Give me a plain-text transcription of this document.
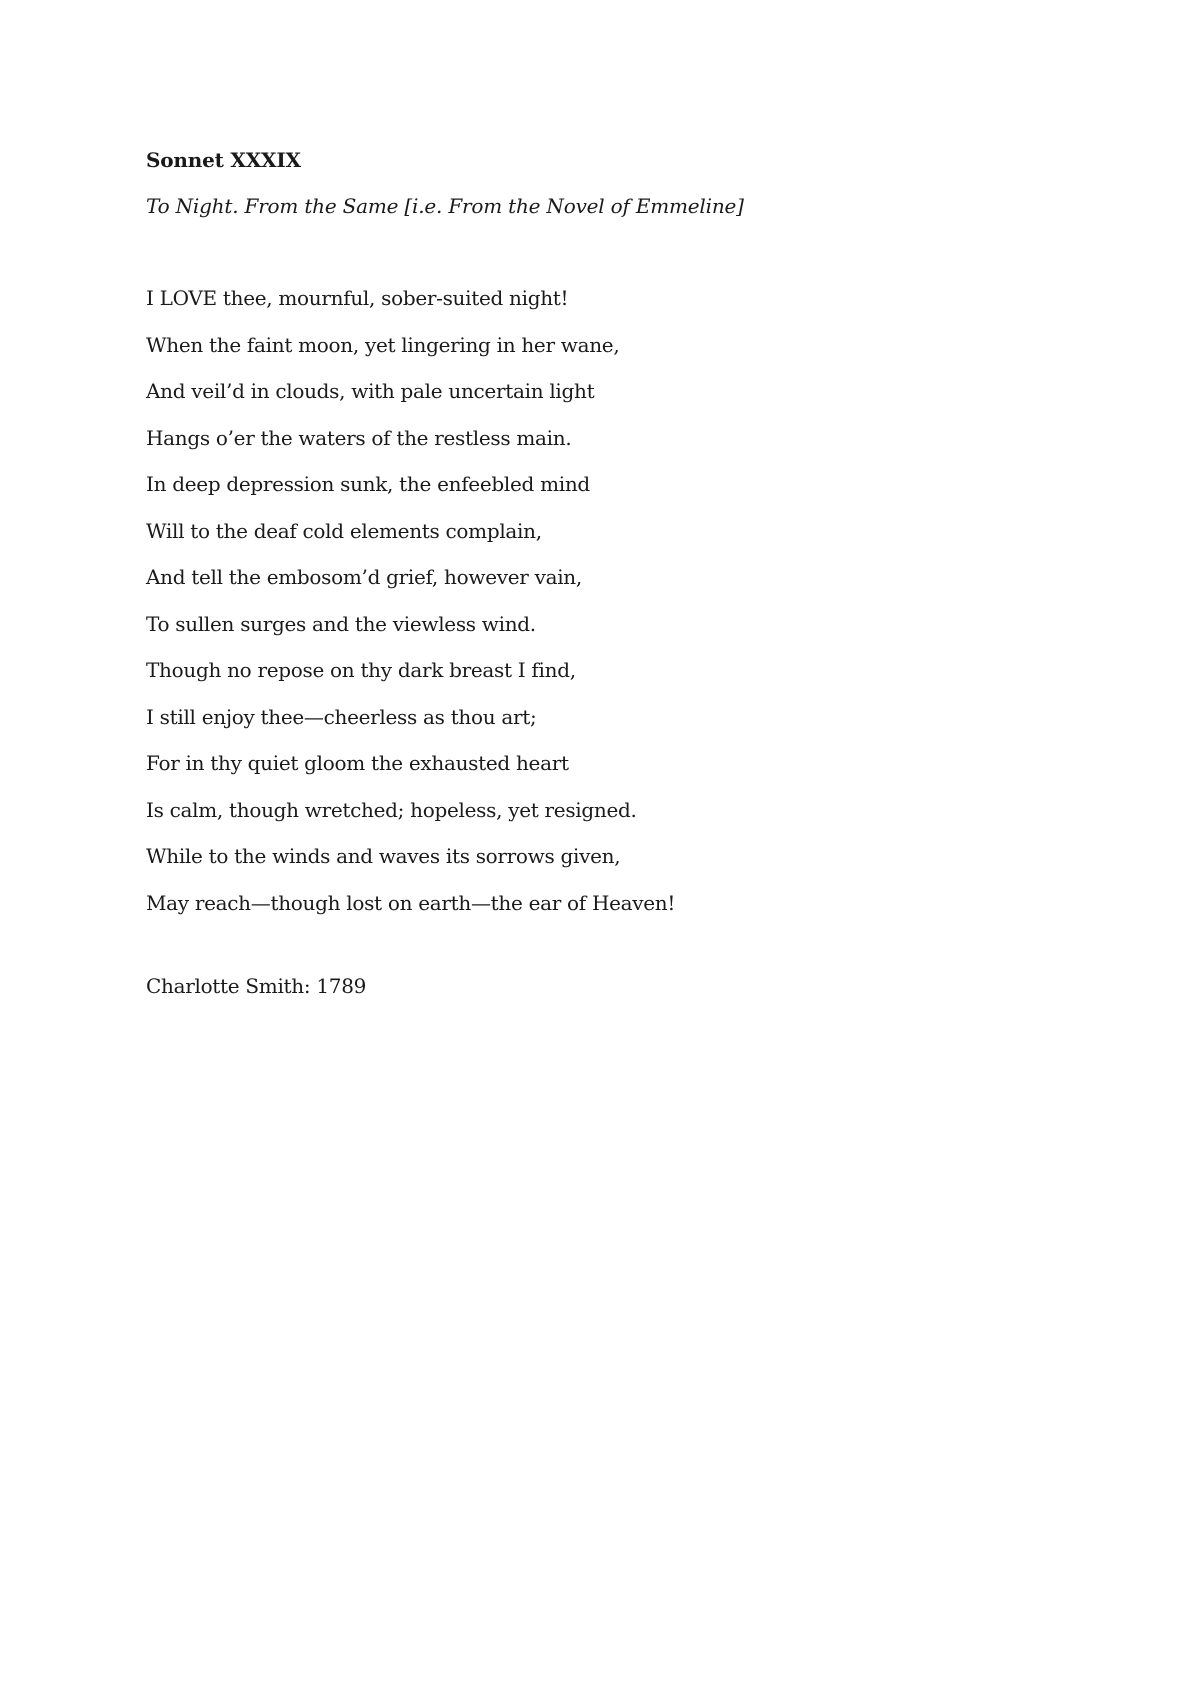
Sonnet XXXIX

To Night. From the Same [i.e. From the Novel of Emmeline]

I LOVE thee, mournful, sober-suited night!
When the faint moon, yet lingering in her wane,
And veil’d in clouds, with pale uncertain light
Hangs o’er the waters of the restless main.
In deep depression sunk, the enfeebled mind
Will to the deaf cold elements complain,
And tell the embosom’d grief, however vain,
To sullen surges and the viewless wind.
Though no repose on thy dark breast I find,
I still enjoy thee—cheerless as thou art;
For in thy quiet gloom the exhausted heart
Is calm, though wretched; hopeless, yet resigned.
While to the winds and waves its sorrows given,
May reach—though lost on earth—the ear of Heaven!

Charlotte Smith: 1789
